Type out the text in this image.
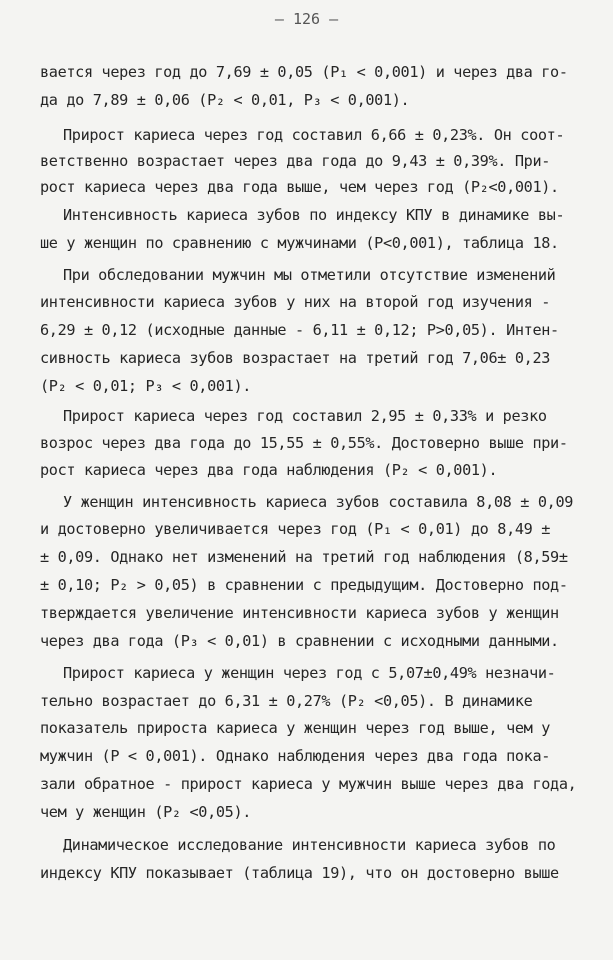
– 126 –
вается через год до 7,69 ± 0,05 (P₁ < 0,001) и через два го-
да до 7,89 ± 0,06 (P₂ < 0,01, P₃ < 0,001).
Прирост кариеса через год составил 6,66 ± 0,23%. Он соот-
ветственно возрастает через два года до 9,43 ± 0,39%. При-
рост кариеса через два года выше, чем через год (P₂<0,001).
Интенсивность кариеса зубов по индексу КПУ в динамике вы-
ше у женщин по сравнению с мужчинами (P<0,001), таблица 18.
При обследовании мужчин мы отметили отсутствие изменений
интенсивности кариеса зубов у них на второй год изучения -
6,29 ± 0,12 (исходные данные - 6,11 ± 0,12; P>0,05). Интен-
сивность кариеса зубов возрастает на третий год 7,06± 0,23
(P₂ < 0,01; P₃ < 0,001).
Прирост кариеса через год составил 2,95 ± 0,33% и резко
возрос через два года до 15,55 ± 0,55%. Достоверно выше при-
рост кариеса через два года наблюдения (P₂ < 0,001).
У женщин интенсивность кариеса зубов составила 8,08 ± 0,09
и достоверно увеличивается через год (P₁ < 0,01) до 8,49 ±
± 0,09. Однако нет изменений на третий год наблюдения (8,59±
± 0,10; P₂ > 0,05) в сравнении с предыдущим. Достоверно под-
тверждается увеличение интенсивности кариеса зубов у женщин
через два года (P₃ < 0,01) в сравнении с исходными данными.
Прирост кариеса у женщин через год с 5,07±0,49% незначи-
тельно возрастает до 6,31 ± 0,27% (P₂ <0,05). В динамике
показатель прироста кариеса у женщин через год выше, чем у
мужчин (P < 0,001). Однако наблюдения через два года пока-
зали обратное - прирост кариеса у мужчин выше через два года,
чем у женщин (P₂ <0,05).
Динамическое исследование интенсивности кариеса зубов по
индексу КПУ показывает (таблица 19), что он достоверно выше
